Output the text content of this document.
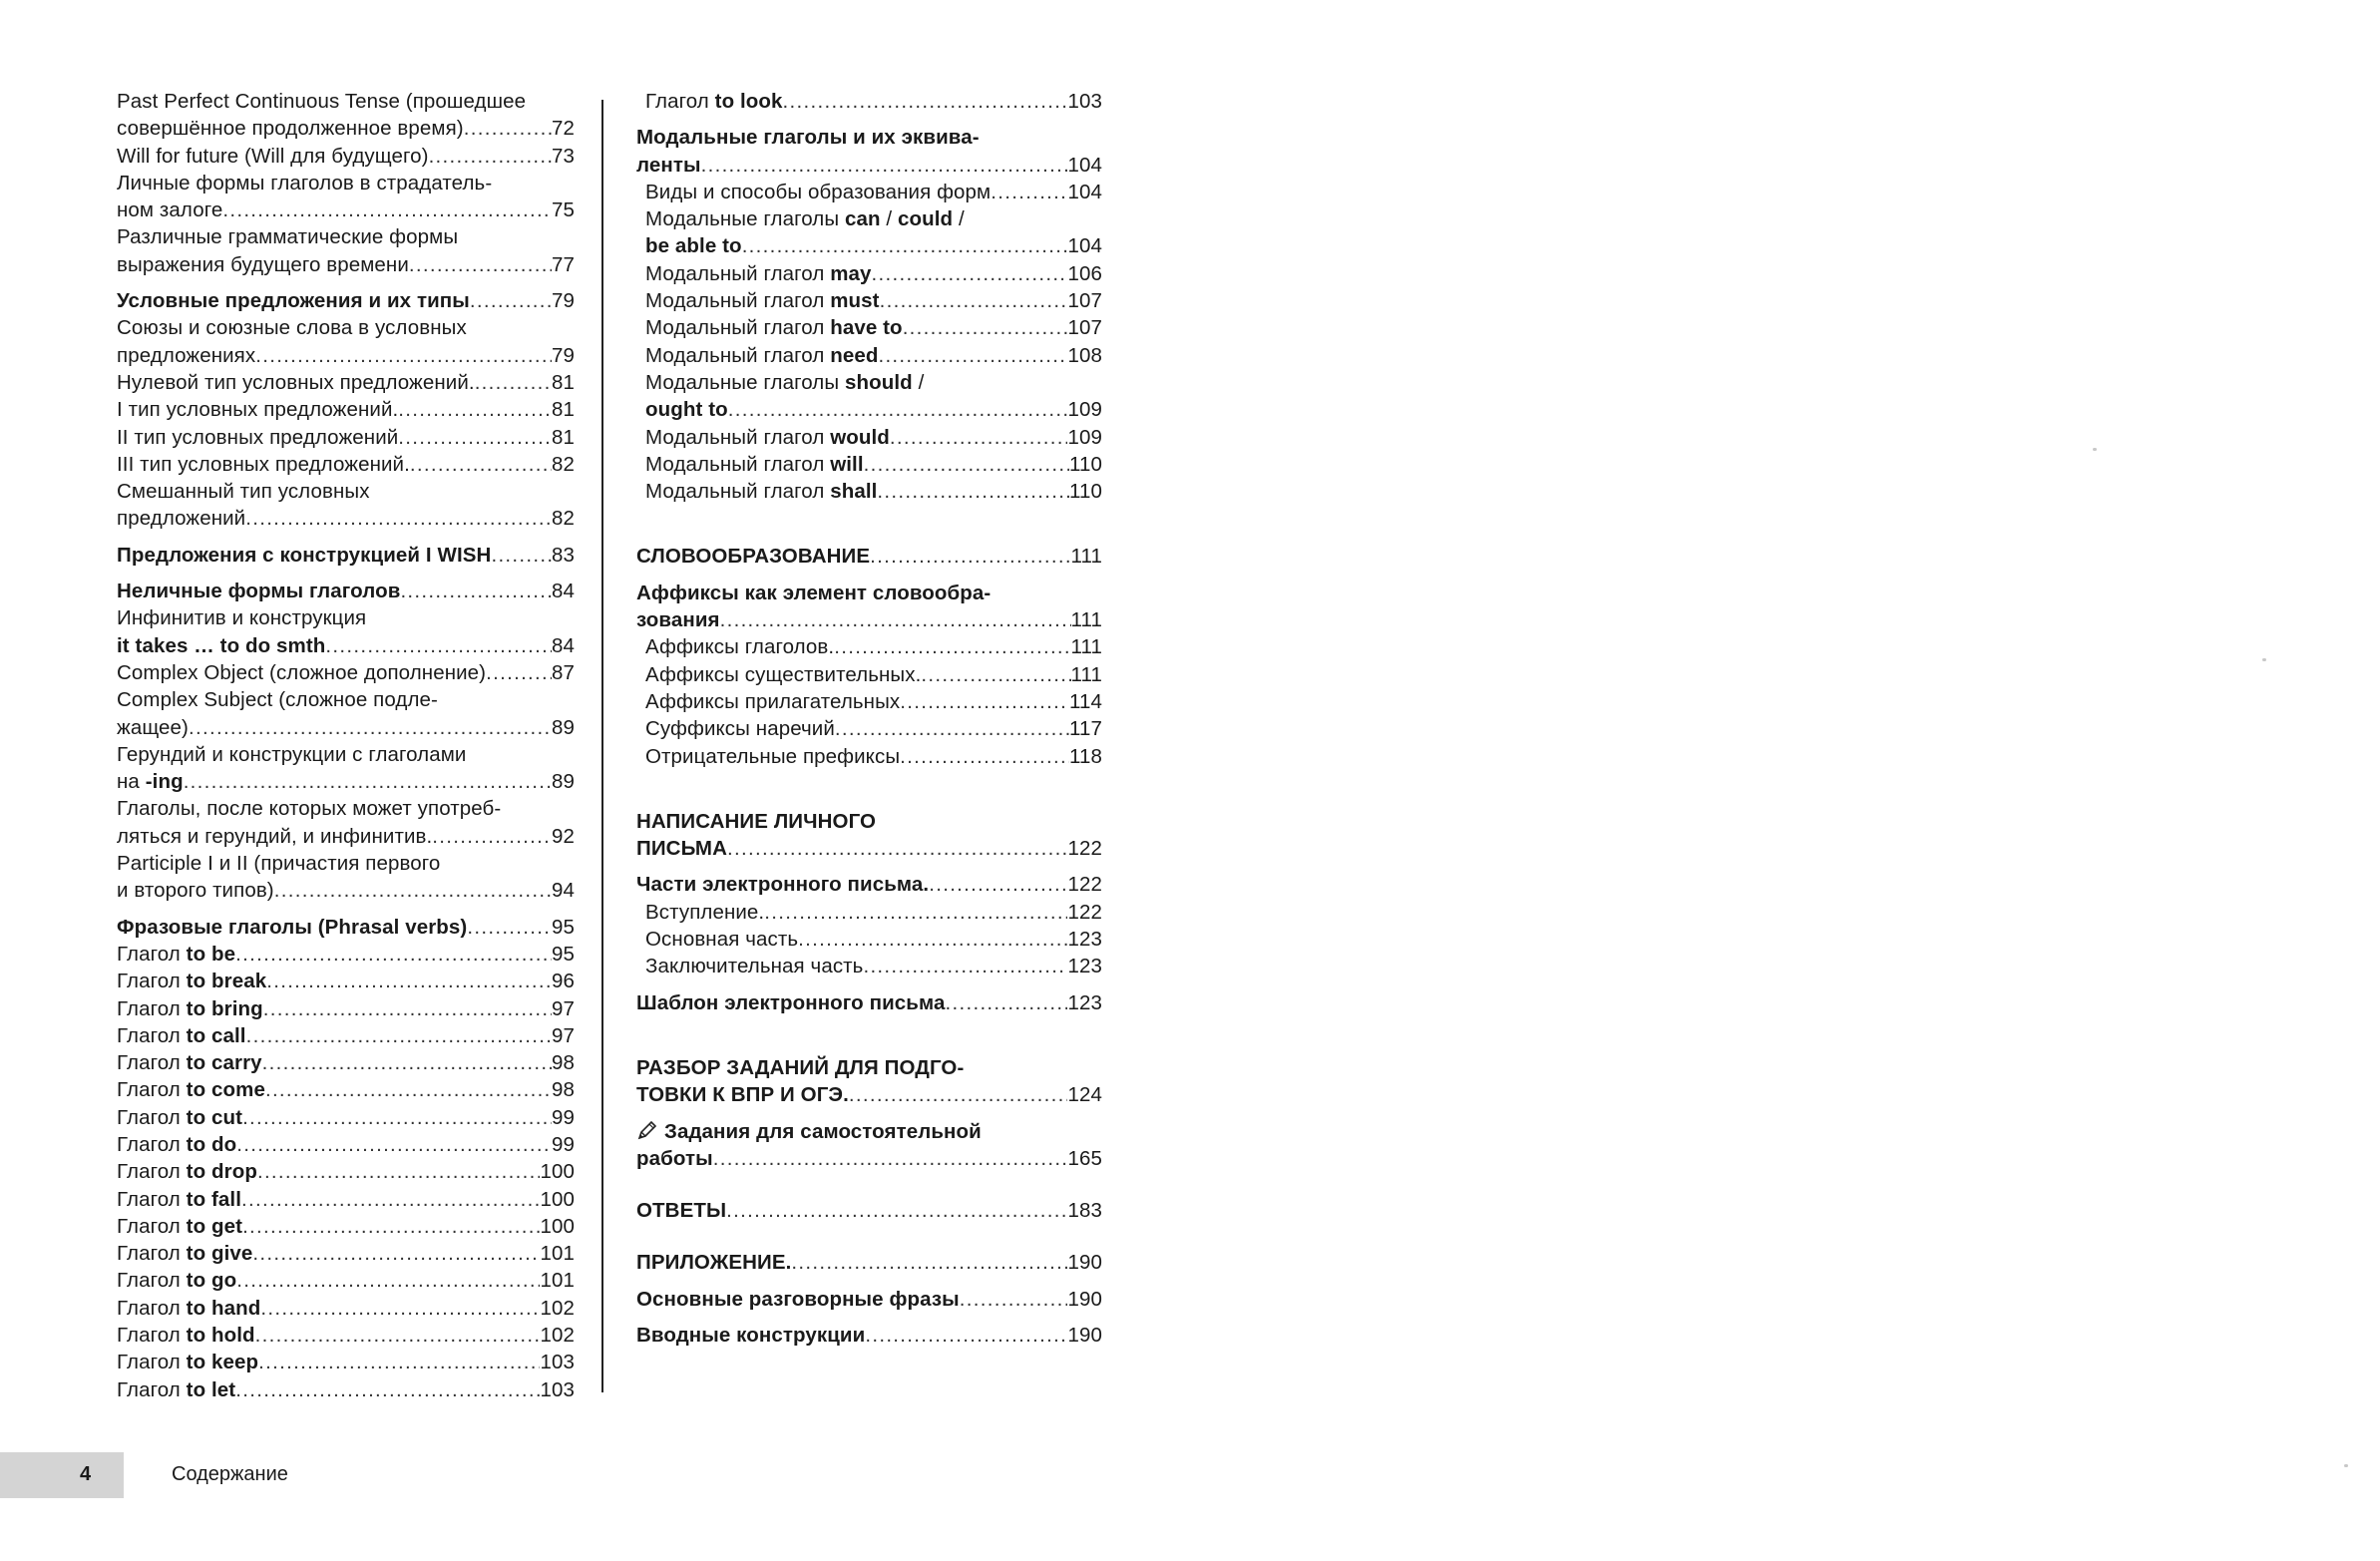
Past Perfect Continuous Tense (прошедшее
совершённое продолженное время) . . .	72
Will for future (Will для будущего) . . .	73
Личные формы глаголов в страдатель-
ном залоге . . .	75
Различные грамматические формы
выражения будущего времени . . .	77
Условные предложения и их типы . . .	79
Союзы и союзные слова в условных
предложениях . . .	79
Нулевой тип условных предложений. . . .	81
I тип условных предложений. . . .	81
II тип условных предложений . . .	81
III тип условных предложений. . . .	82
Смешанный тип условных
предложений . . .	82
Предложения с конструкцией I WISH . . .	83
Неличные формы глаголов . . .	84
Инфинитив и конструкция
it takes … to do smth . . .	84
Complex Object (сложное дополнение) . . .	87
Complex Subject (сложное подле-
жащее) . . .	89
Герундий и конструкции с глаголами
на -ing . . .	89
Глаголы, после которых может употреб-
ляться и герундий, и инфинитив. . . .	92
Participle I и II (причастия первого
и второго типов) . . .	94
Фразовые глаголы (Phrasal verbs) . . .	95
Глагол to be . . .	95
Глагол to break . . .	96
Глагол to bring . . .	97
Глагол to call . . .	97
Глагол to carry . . .	98
Глагол to come . . .	98
Глагол to cut . . .	99
Глагол to do . . .	99
Глагол to drop . . .	100
Глагол to fall . . .	100
Глагол to get . . .	100
Глагол to give . . .	101
Глагол to go . . .	101
Глагол to hand . . .	102
Глагол to hold . . .	102
Глагол to keep . . .	103
Глагол to let . . .	103
Глагол to look . . .	103
Модальные глаголы и их эквива-
ленты . . .	104
Виды и способы образования форм . . .	104
Модальные глаголы can / could /
be able to . . .	104
Модальный глагол may . . .	106
Модальный глагол must . . .	107
Модальный глагол have to . . .	107
Модальный глагол need . . .	108
Модальные глаголы should /
ought to . . .	109
Модальный глагол would . . .	109
Модальный глагол will . . .	110
Модальный глагол shall . . .	110
СЛОВООБРАЗОВАНИЕ . . .	111
Аффиксы как элемент словообра-
зования . . .	111
Аффиксы глаголов. . . .	111
Аффиксы существительных. . . .	111
Аффиксы прилагательных . . .	114
Суффиксы наречий . . .	117
Отрицательные префиксы . . .	118
НАПИСАНИЕ ЛИЧНОГО
ПИСЬМА . . .	122
Части электронного письма. . . .	122
Вступление. . . .	122
Основная часть . . .	123
Заключительная часть . . .	123
Шаблон электронного письма . . .	123
РАЗБОР ЗАДАНИЙ ДЛЯ ПОДГО-
ТОВКИ К ВПР И ОГЭ. . . .	124
Задания для самостоятельной
работы . . .	165
ОТВЕТЫ . . .	183
ПРИЛОЖЕНИЕ. . . .	190
Основные разговорные фразы . . .	190
Вводные конструкции . . .	190
4	Содержание
